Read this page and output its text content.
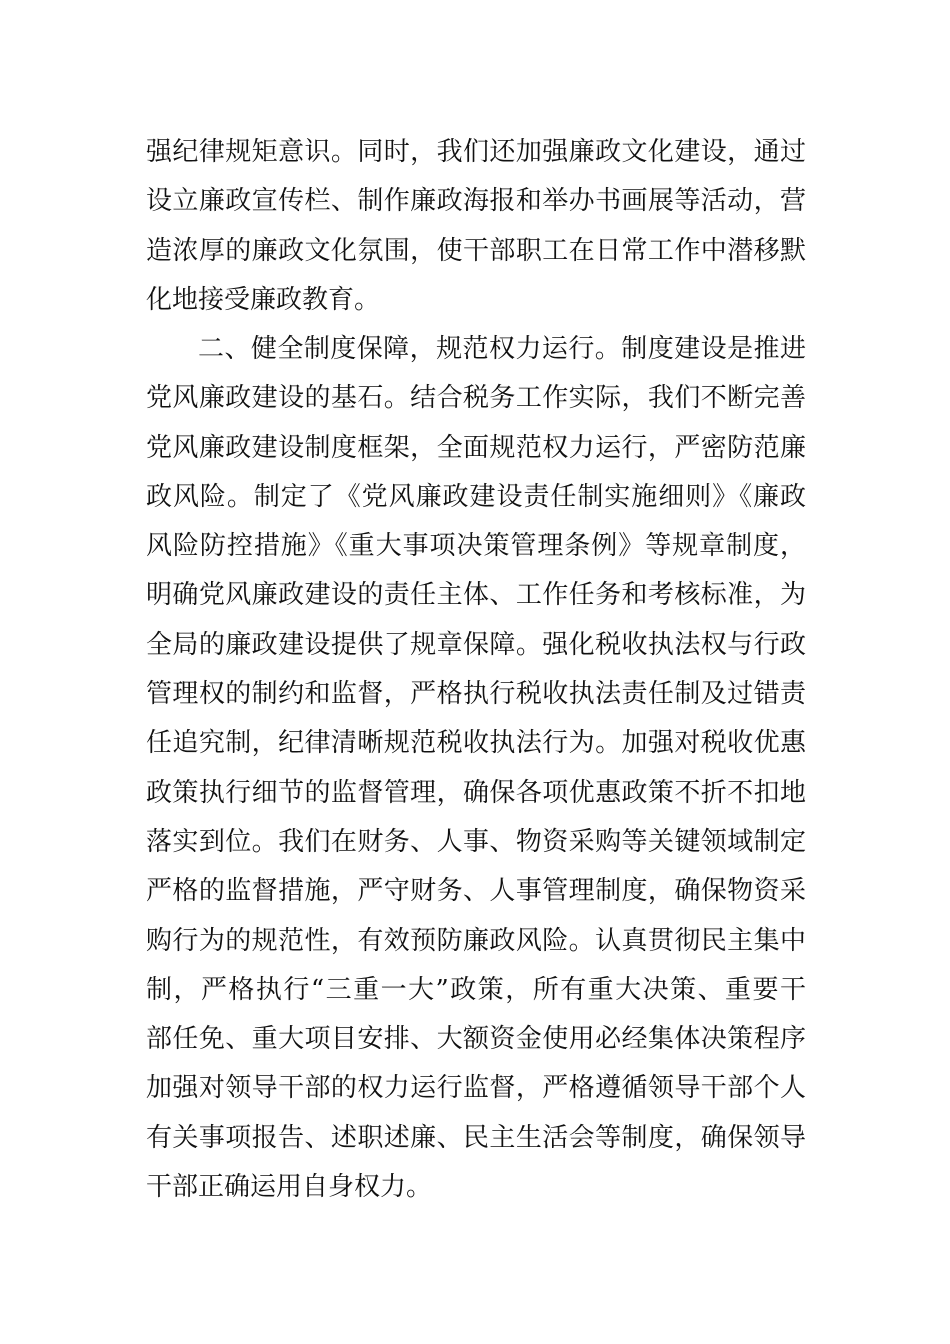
强纪律规矩意识。同时，我们还加强廉政文化建设，通过
设立廉政宣传栏、制作廉政海报和举办书画展等活动，营
造浓厚的廉政文化氛围，使干部职工在日常工作中潜移默
化地接受廉政教育。
二、健全制度保障，规范权力运行。制度建设是推进
党风廉政建设的基石。结合税务工作实际，我们不断完善
党风廉政建设制度框架，全面规范权力运行，严密防范廉
政风险。制定了《党风廉政建设责任制实施细则》《廉政
风险防控措施》《重大事项决策管理条例》等规章制度，
明确党风廉政建设的责任主体、工作任务和考核标准，为
全局的廉政建设提供了规章保障。强化税收执法权与行政
管理权的制约和监督，严格执行税收执法责任制及过错责
任追究制，纪律清晰规范税收执法行为。加强对税收优惠
政策执行细节的监督管理，确保各项优惠政策不折不扣地
落实到位。我们在财务、人事、物资采购等关键领域制定
严格的监督措施，严守财务、人事管理制度，确保物资采
购行为的规范性，有效预防廉政风险。认真贯彻民主集中
制，严格执行“三重一大”政策，所有重大决策、重要干
部任免、重大项目安排、大额资金使用必经集体决策程序
加强对领导干部的权力运行监督，严格遵循领导干部个人
有关事项报告、述职述廉、民主生活会等制度，确保领导
干部正确运用自身权力。
